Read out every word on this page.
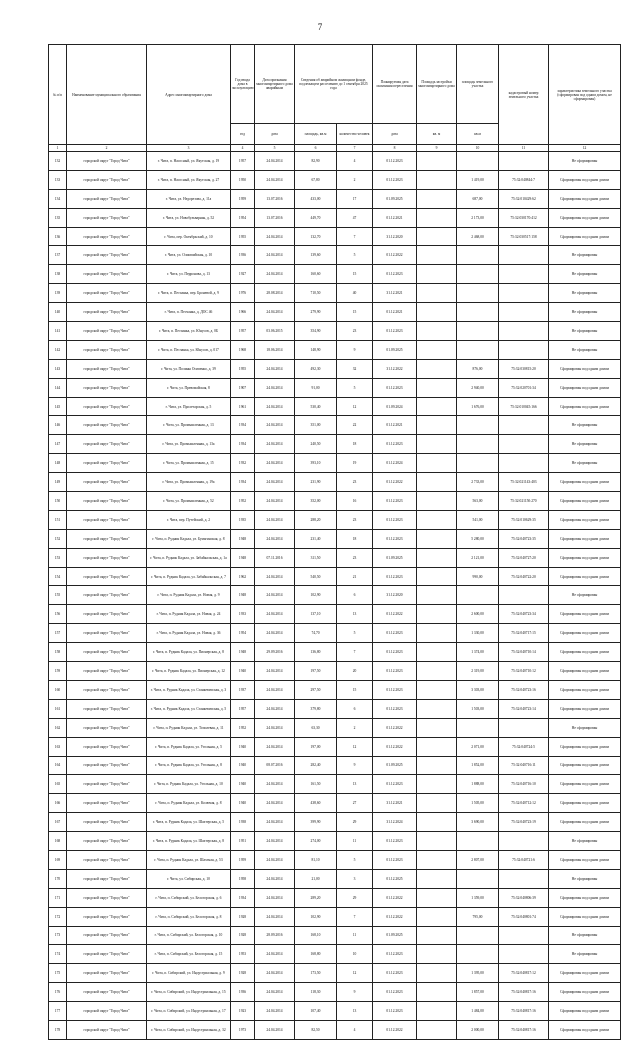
7
№ п/п	Наименование муниципального образования	Адрес многоквартирного дома	Год ввода дома в эксплуатацию	Дата признания многоквартирного дома аварийным	Сведения об аварийном жилищном фонде, подлежащем расселению до 1 сентября 2025 года		Планируемая дата окончания переселения	Площадь застройки многоквартирного дома	площадь земельного участка	кадастровый номер земельного участка	характеристика земельного участка (сформирован под одним домом, не сформирован)
			год	дата	площадь, кв.м	количество человек	дата	кв. м	кв.м		
1	2	3	4	5	6	7	8	9	10	11	12
132	городской округ "Город Чита"	г. Чита, п. Насосный, ул. Якутская, д. 19	1957	24.04.2014	82,90	4	01.12.2023				Не сформирован
133	городской округ "Город Чита"	г. Чита, п. Насосный, ул. Якутская, д. 27	1950	24.04.2014	67,80	2	01.12.2023		1 419,00	75:32:040844:7	Сформирован под одним домом
134	городской округ "Город Чита"	г. Чита, ул. Недорезова, д. 11а	1959	13.07.2016	433,00	17	01.09.2025		687,00	75:32:010429:62	Сформирован под одним домом
135	городской округ "Город Чита"	г. Чита, ул. Новобульварная, д. 52	1954	13.07.2016	449,70	47	01.12.2021		2 173,00	75:32:030170:412	Сформирован под одним домом
136	городской округ "Город Чита"	г. Чита, пер. Октябрьский, д. 10	1955	24.04.2014	132,70	7	31.12.2020		2 468,00	75:32:030517:158	Сформирован под одним домом
137	городской округ "Город Чита"	г. Чита, ул. Олимпийская, д. 10	1936	24.04.2014	139,60	5	01.12.2022				Не сформирован
138	городской округ "Город Чита"	г. Чита, ул. Перроновa, д. 13	1927	24.04.2014	160,60	15	01.12.2023				Не сформирован
139	городской округ "Город Чита"	г. Чита, п. Песчанка, пер. Броневой, д. 9	1976	28.08.2014	710,50	40	31.12.2021				Не сформирован
140	городской округ "Город Чита"	г. Чита, п. Песчанка, д. ДОС 46	1966	24.04.2014	279,90	15	01.12.2021				Не сформирован
141	городской округ "Город Чита"	г. Чита, п. Песчанка, ул. Юнусов, д. 0Б	1957	03.06.2015	354,90	23	01.12.2023				Не сформирован
142	городской округ "Город Чита"	г. Чита, п. Песчанка, ул. Юнусов, д. 017	1968	18.06.2014	148,90	9	01.09.2025				Не сформирован
143	городской округ "Город Чита"	г. Чита, ул. Полины Осипенко, д. 39	1955	24.04.2014	492,30	32	31.12.2022		876,00	75:32:030815:20	Сформирован под одним домом
144	городской округ "Город Чита"	г. Чита, ул. Превомайская, 8	1907	24.04.2014	91,00	5	01.12.2023		2 940,00	75:32:020701:34	Сформирован под одним домом
145	городской округ "Город Чита"	г. Чита, ул. Пролетарская, д. 5	1961	24.04.2014	530,40	12	01.09.2024		1 676,00	75:32:010045:166	Сформирован под одним домом
146	городской округ "Город Чита"	г. Чита, ул. Промышленная, д. 13	1934	24.04.2014	351,00	22	01.12.2021				Не сформирован
147	городской округ "Город Чита"	г. Чита, ул. Промышленная, д. 13а	1934	24.04.2014	240,50	18	01.12.2023				Не сформирован
148	городской округ "Город Чита"	г. Чита, ул. Промышленная, д. 15	1932	24.04.2014	393,10	19	01.12.2024				Не сформирован
149	городской округ "Город Чита"	г. Чита, ул. Промышленная, д. 19а	1934	24.04.2014	231,90	23	01.12.2022		2 733,00	75:32:021143:403	Сформирован под одним домом
150	городской округ "Город Чита"	г. Чита, ул. Промышленная, д. 52	1952	24.04.2014	352,00	16	01.12.2023		563,00	75:32:021150:270	Сформирован под одним домом
151	городской округ "Город Чита"	г. Чита, пер. Путейский, д. 2	1935	24.04.2014	288,20	23	01.12.2023		541,00	75:32:010629:35	Сформирован под одним домом
152	городской округ "Город Чита"	г. Чита, п. Рудник Кадала, ул. Бумагинская, д. 8	1948	24.04.2014	231,40	18	01.12.2023		5 280,00	75:32:040723:35	Сформирован под одним домом
153	городской округ "Город Чита"	г. Чита, п. Рудник Кадала, ул. Забайкальская, д. 1а	1948	07.11.2016	311,50	23	01.09.2025		2 121,00	75:32:040727:20	Сформирован под одним домом
154	городской округ "Город Чита"	г. Чита, п. Рудник Кадала, ул. Забайкальская, д. 7	1962	24.04.2014	540,50	21	01.12.2023		990,00	75:32:040722:20	Сформирован под одним домом
155	городской округ "Город Чита"	г. Чита, п. Рудник Кадала, ул. Новая, д. 9	1948	24.04.2014	102,90	6	31.12.2020				Не сформирован
156	городской округ "Город Чита"	г. Чита, п. Рудник Кадала, ул. Новая, д. 24	1933	24.04.2014	137,10	13	01.12.2022		2 600,00	75:32:040723:34	Сформирован под одним домом
157	городской округ "Город Чита"	г. Чита, п. Рудник Кадала, ул. Новая, д. 36	1954	24.04.2014	74,70	5	01.12.2023		1 330,00	75:32:040717:15	Сформирован под одним домом
158	городской округ "Город Чита"	г. Чита, п. Рудник Кадала, ул. Пионерская, д. 8	1948	29.09.2016	136,80	7	01.12.2023		1 374,00	75:32:040710:14	Сформирован под одним домом
159	городской округ "Город Чита"	г. Чита, п. Рудник Кадала, ул. Пионерская, д. 12	1940	24.04.2014	197,50	20	01.12.2023		2 319,00	75:32:040710:12	Сформирован под одним домом
160	городской округ "Город Чита"	г. Чита, п. Рудник Кадала, ул. Станкевичская, д. 3	1937	24.04.2014	297,50	15	01.12.2023		3 303,00	75:32:040723:16	Сформирован под одним домом
161	городской округ "Город Чита"	г. Чита, п. Рудник Кадала, ул. Станкевичская, д. 5	1957	24.04.2014	379,80	6	01.12.2023		1 503,00	75:32:040723:14	Сформирован под одним домом
162	городской округ "Город Чита"	г. Чита, п. Рудник Кадала, ул. Тополевая, д. 11	1952	24.04.2014	63,30	2	01.12.2022				Не сформирован
163	городской округ "Город Чита"	г. Чита, п. Рудник Кадала, ул. Угольная, д. 5	1940	24.04.2014	197,00	12	01.12.2022		2 071,00	75:32:040724:5	Сформирован под одним домом
164	городской округ "Город Чита"	г. Чита, п. Рудник Кадала, ул. Угольная, д. 8	1940	08.07.2016	282,40	9	01.09.2025		1 852,00	75:32:040716:11	Сформирован под одним домом
165	городской округ "Город Чита"	г. Чита, п. Рудник Кадала, ул. Угольная, д. 10	1940	24.04.2014	161,50	13	01.12.2023		1 888,00	75:32:040716:10	Сформирован под одним домом
166	городской округ "Город Чита"	г. Чита, п. Рудник Кадала, ул. Колючая, д. 8	1940	24.04.2014	438,60	27	31.12.2021		1 505,00	75:32:040712:12	Сформирован под одним домом
167	городской округ "Город Чита"	г. Чита, п. Рудник Кадала, ул. Шахтерская, д. 5	1938	24.04.2014	399,90	29	31.12.2024		3 690,00	75:32:040723:19	Сформирован под одним домом
168	городской округ "Город Чита"	г. Чита, п. Рудник Кадала, ул. Шахтерская, д. 8	1951	24.04.2014	274,00	11	01.12.2023				Не сформирован
169	городской округ "Город Чита"	г. Чита, п. Рудник Кадала, ул. Шахтная, д. 53	1959	24.04.2014	81,10	5	01.12.2023		2 807,00	75:32:040721:6	Сформирован под одним домом
170	городской округ "Город Чита"	г. Чита, ул. Сибирская, д. 10	1958	24.04.2014	21,00	3	01.12.2025				Не сформирован
171	городской округ "Город Чита"	г. Чита, п. Сибирский, ул. Белогорская, д. 6	1934	24.04.2014	289,20	29	01.12.2022		1 359,00	75:32:040806:39	Сформирован под одним домом
172	городской округ "Город Чита"	г. Чита, п. Сибирский, ул. Белогорская, д. 8	1928	24.04.2014	102,90	7	01.12.2022		795,00	75:32:040801:74	Сформирован под одним домом
173	городской округ "Город Чита"	г. Чита, п. Сибирский, ул. Белогорская, д. 10	1928	28.09.2016	168,10	11	01.09.2025				Не сформирован
174	городской округ "Город Чита"	г. Чита, п. Сибирский, ул. Белогорская, д. 15	1953	24.04.2014	168,80	10	01.12.2023				Не сформирован
175	городской округ "Город Чита"	г. Чита, п. Сибирский, ул. Индустриальная, д. 9	1928	24.04.2014	173,50	12	01.12.2023		1 395,00	75:32:040817:12	Сформирован под одним домом
176	городской округ "Город Чита"	г. Чита, п. Сибирский, ул. Индустриальная, д. 15	1936	24.04.2014	118,30	9	01.12.2023		1 857,00	75:32:040817:16	Сформирован под одним домом
177	городской округ "Город Чита"	г. Чита, п. Сибирский, ул. Индустриальная, д. 17	1923	24.04.2014	107,40	13	01.12.2023		1 484,00	75:32:040817:16	Сформирован под одним домом
178	городской округ "Город Чита"	г. Чита, п. Сибирский, ул. Индустриальная, д. 32	1973	24.04.2014	82,50	4	01.12.2022		2 000,00	75:32:040817:16	Сформирован под одним домом
